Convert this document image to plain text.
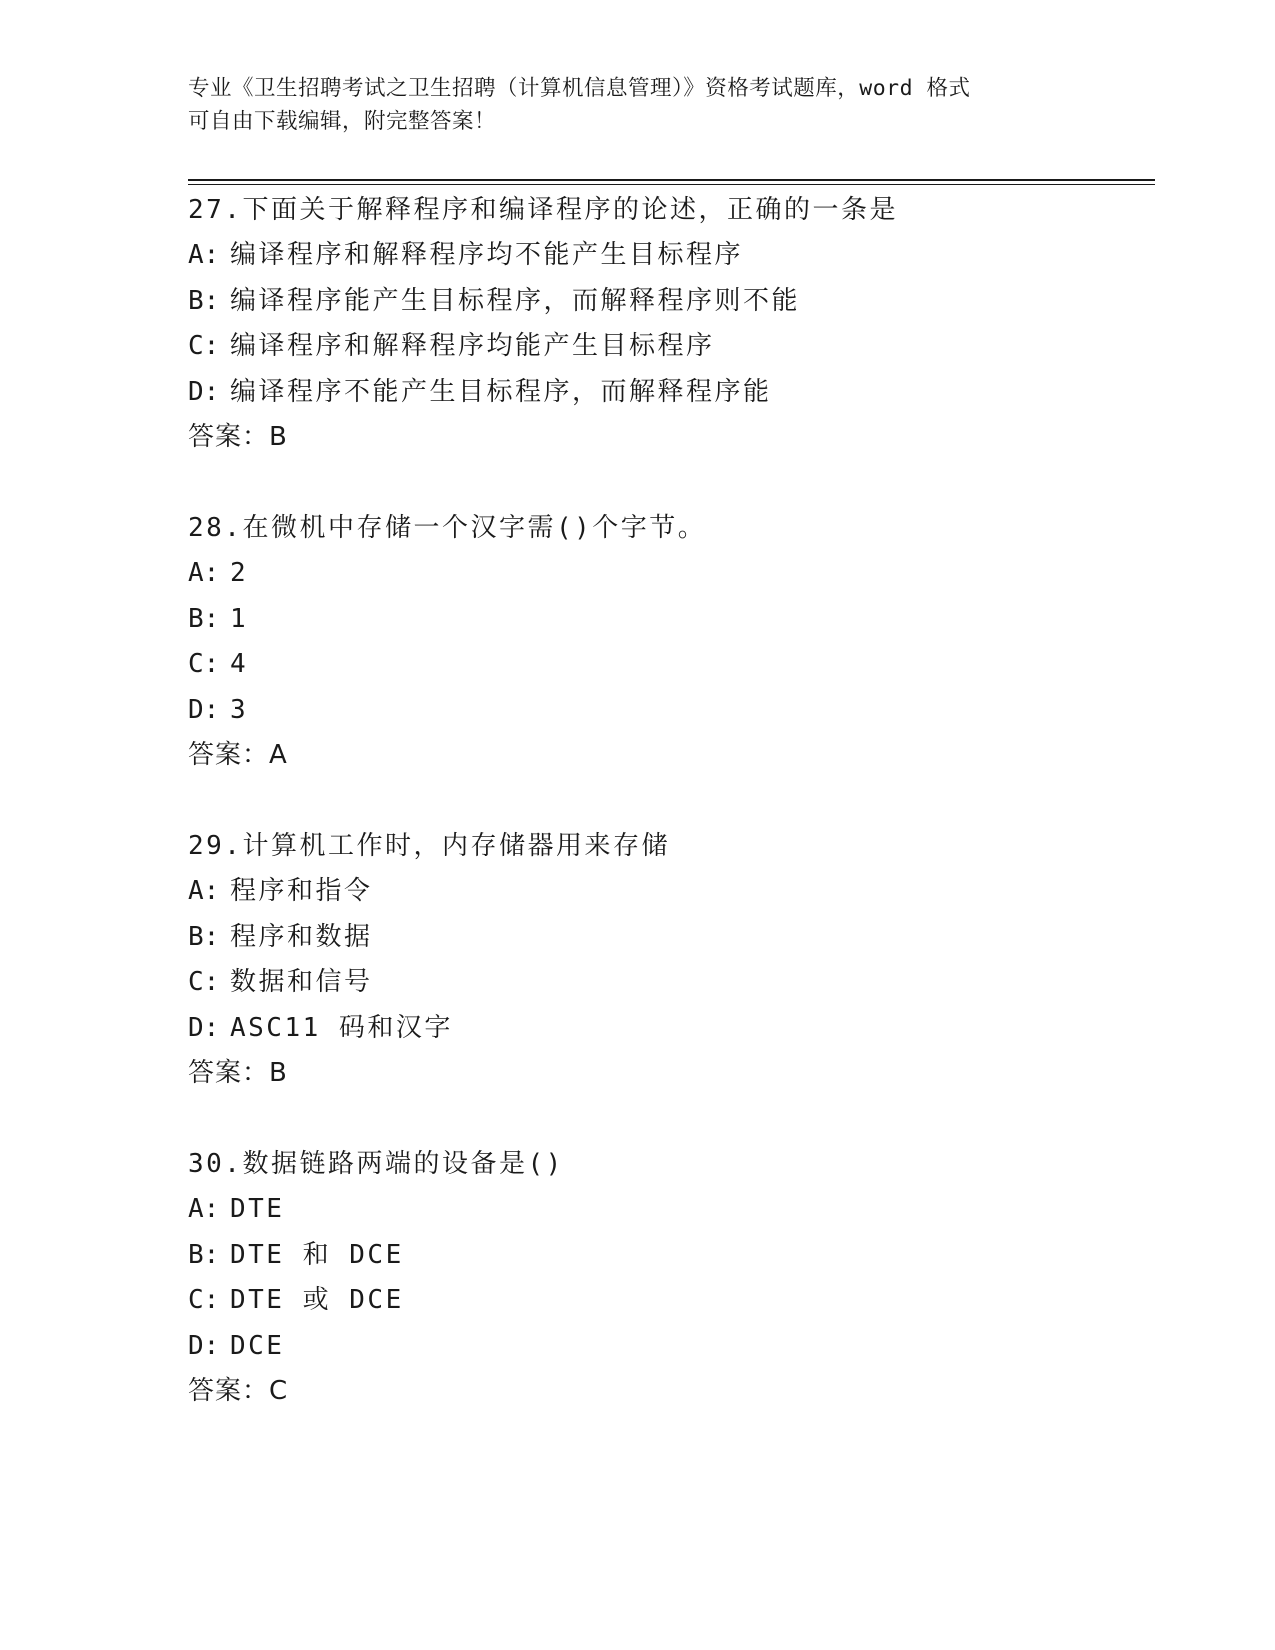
专业《卫生招聘考试之卫生招聘（计算机信息管理）》资格考试题库，word 格式
可自由下载编辑，附完整答案！
27.下面关于解释程序和编译程序的论述，正确的一条是
A: 编译程序和解释程序均不能产生目标程序
B: 编译程序能产生目标程序，而解释程序则不能
C: 编译程序和解释程序均能产生目标程序
D: 编译程序不能产生目标程序，而解释程序能
答案：B
28.在微机中存储一个汉字需()个字节。
A: 2
B: 1
C: 4
D: 3
答案：A
29.计算机工作时，内存储器用来存储
A: 程序和指令
B: 程序和数据
C: 数据和信号
D: ASC11 码和汉字
答案：B
30.数据链路两端的设备是()
A: DTE
B: DTE 和 DCE
C: DTE 或 DCE
D: DCE
答案：C
